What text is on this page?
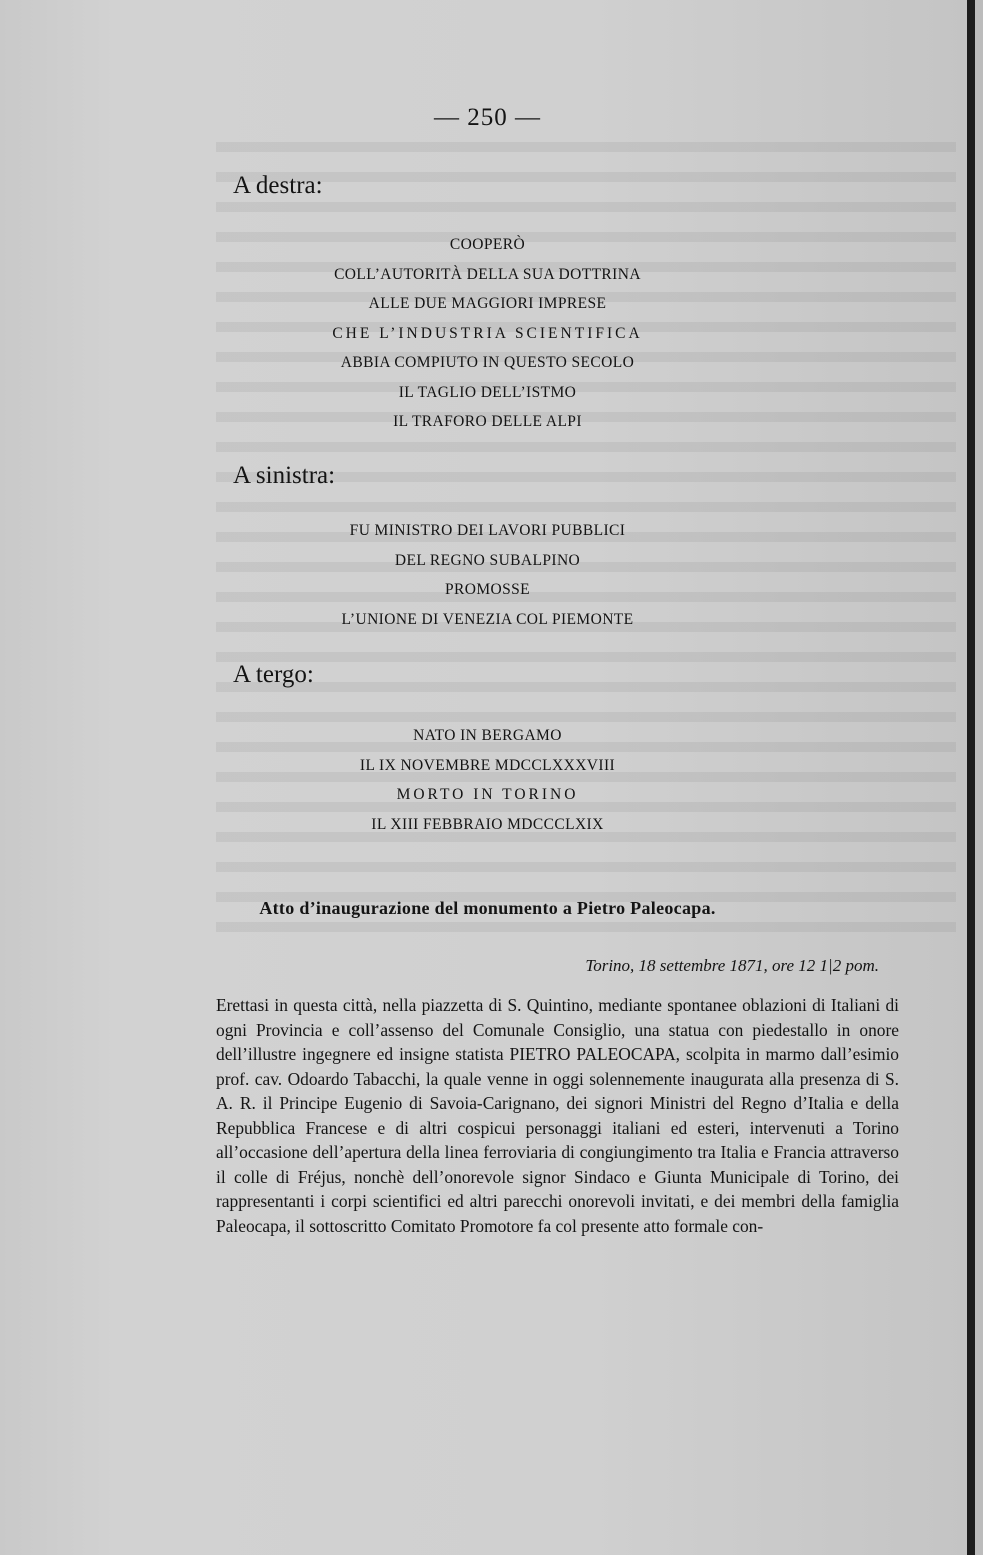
— 250 —
A destra:
COOPERÒ
COLL’AUTORITÀ DELLA SUA DOTTRINA
ALLE DUE MAGGIORI IMPRESE
CHE L’INDUSTRIA SCIENTIFICA
ABBIA COMPIUTO IN QUESTO SECOLO
IL TAGLIO DELL’ISTMO
IL TRAFORO DELLE ALPI
A sinistra:
FU MINISTRO DEI LAVORI PUBBLICI
DEL REGNO SUBALPINO
PROMOSSE
L’UNIONE DI VENEZIA COL PIEMONTE
A tergo:
NATO IN BERGAMO
IL IX NOVEMBRE MDCCLXXXVIII
MORTO IN TORINO
IL XIII FEBBRAIO MDCCCLXIX
Atto d’inaugurazione del monumento a Pietro Paleocapa.
Torino, 18 settembre 1871, ore 12 1|2 pom.

Erettasi in questa città, nella piazzetta di S. Quintino, mediante spontanee oblazioni di Italiani di ogni Provincia e coll’assenso del Comunale Consiglio, una statua con piedestallo in onore dell’illustre ingegnere ed insigne statista PIETRO PALEOCAPA, scolpita in marmo dall’esimio prof. cav. Odoardo Tabacchi, la quale venne in oggi solennemente inaugurata alla presenza di S. A. R. il Principe Eugenio di Savoia-Carignano, dei signori Ministri del Regno d’Italia e della Repubblica Francese e di altri cospicui personaggi italiani ed esteri, intervenuti a Torino all’occasione dell’apertura della linea ferroviaria di congiungimento tra Italia e Francia attraverso il colle di Fréjus, nonchè dell’onorevole signor Sindaco e Giunta Municipale di Torino, dei rappresentanti i corpi scientifici ed altri parecchi onorevoli invitati, e dei membri della famiglia Paleocapa, il sottoscritto Comitato Promotore fa col presente atto formale con-
